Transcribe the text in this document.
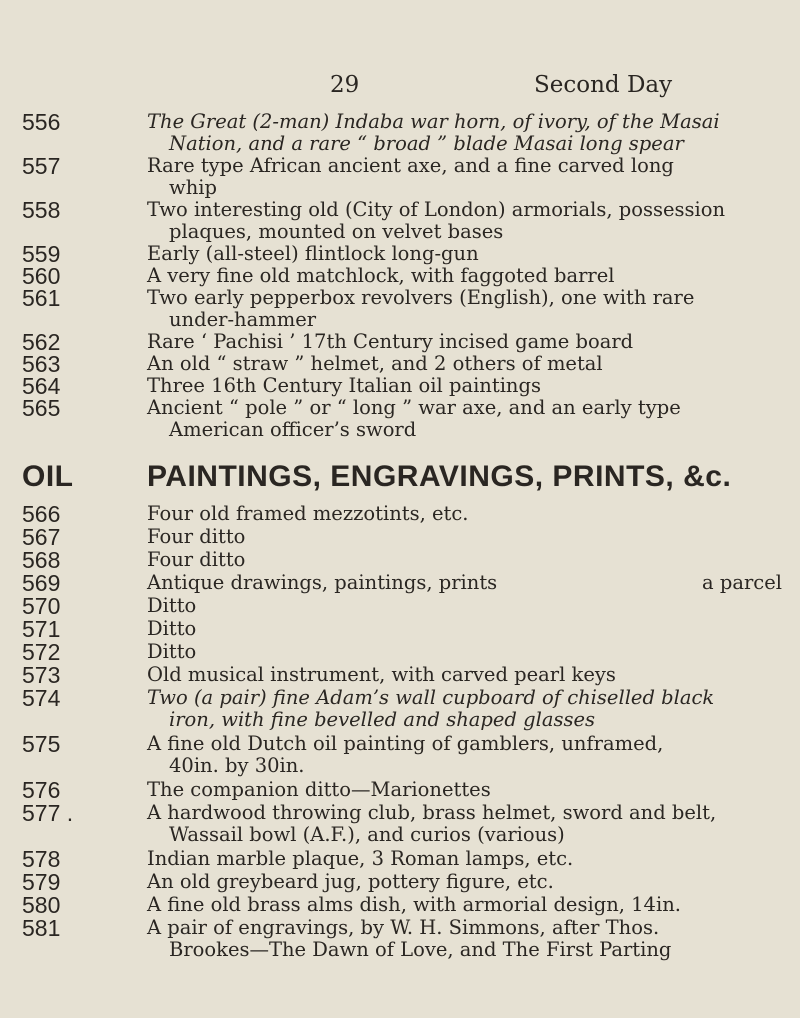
29	Second Day
556	The Great (2-man) Indaba war horn, of ivory, of the Masai
Nation, and a rare “ broad ” blade Masai long spear
557	Rare type African ancient axe, and a fine carved long
whip
558	Two interesting old (City of London) armorials, possession
plaques, mounted on velvet bases
559	Early (all-steel) flintlock long-gun
560	A very fine old matchlock, with faggoted barrel
561	Two early pepperbox revolvers (English), one with rare
under-hammer
562	Rare ‘ Pachisi ’ 17th Century incised game board
563	An old “ straw ” helmet, and 2 others of metal
564	Three 16th Century Italian oil paintings
565	Ancient “ pole ” or “ long ” war axe, and an early type
American officer’s sword
OIL PAINTINGS, ENGRAVINGS, PRINTS, &c.
566	Four old framed mezzotints, etc.
567	Four ditto
568	Four ditto
569	Antique drawings, paintings, prints	a parcel
570	Ditto
571	Ditto
572	Ditto
573	Old musical instrument, with carved pearl keys
574	Two (a pair) fine Adam’s wall cupboard of chiselled black
iron, with fine bevelled and shaped glasses
575	A fine old Dutch oil painting of gamblers, unframed,
40in. by 30in.
576	The companion ditto—Marionettes
577 .	A hardwood throwing club, brass helmet, sword and belt,
Wassail bowl (A.F.), and curios (various)
578	Indian marble plaque, 3 Roman lamps, etc.
579	An old greybeard jug, pottery figure, etc.
580	A fine old brass alms dish, with armorial design, 14in.
581	A pair of engravings, by W. H. Simmons, after Thos.
Brookes—The Dawn of Love, and The First Parting
